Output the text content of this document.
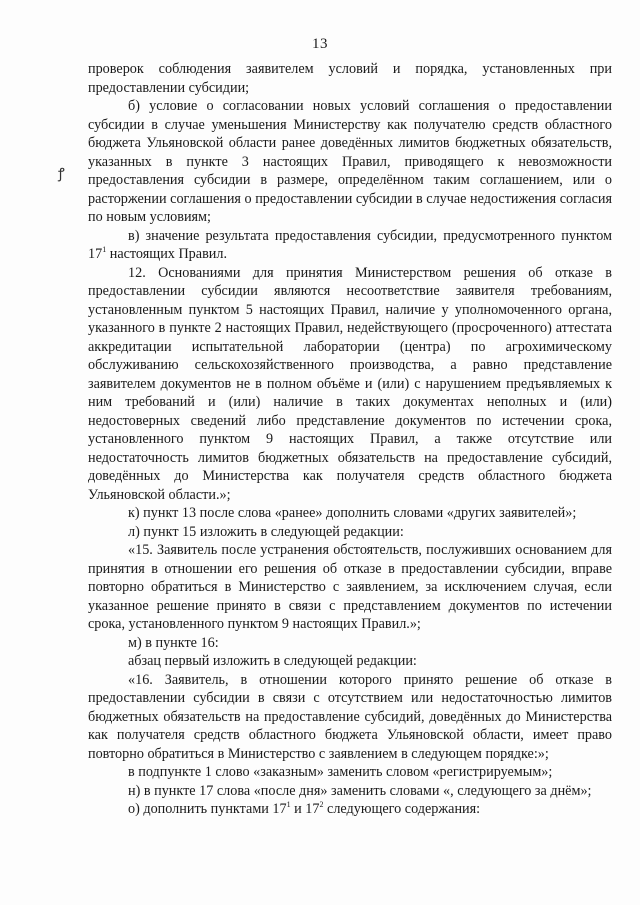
13
ꝭ

проверок соблюдения заявителем условий и порядка, установленных при предоставлении субсидии;

б) условие о согласовании новых условий соглашения о предоставлении субсидии в случае уменьшения Министерству как получателю средств областного бюджета Ульяновской области ранее доведённых лимитов бюджетных обязательств, указанных в пункте 3 настоящих Правил, приводящего к невозможности предоставления субсидии в размере, определённом таким соглашением, или о расторжении соглашения о предоставлении субсидии в случае недостижения согласия по новым условиям;

в) значение результата предоставления субсидии, предусмотренного пунктом $17^1$ настоящих Правил.

12. Основаниями для принятия Министерством решения об отказе в предоставлении субсидии являются несоответствие заявителя требованиям, установленным пунктом 5 настоящих Правил, наличие у уполномоченного органа, указанного в пункте 2 настоящих Правил, недействующего (просроченного) аттестата аккредитации испытательной лаборатории (центра) по агрохимическому обслуживанию сельскохозяйственного производства, а равно представление заявителем документов не в полном объёме и (или) с нарушением предъявляемых к ним требований и (или) наличие в таких документах неполных и (или) недостоверных сведений либо представление документов по истечении срока, установленного пунктом 9 настоящих Правил, а также отсутствие или недостаточность лимитов бюджетных обязательств на предоставление субсидий, доведённых до Министерства как получателя средств областного бюджета Ульяновской области.»;

к) пункт 13 после слова «ранее» дополнить словами «других заявителей»;

л) пункт 15 изложить в следующей редакции:

«15. Заявитель после устранения обстоятельств, послуживших основанием для принятия в отношении его решения об отказе в предоставлении субсидии, вправе повторно обратиться в Министерство с заявлением, за исключением случая, если указанное решение принято в связи с представлением документов по истечении срока, установленного пунктом 9 настоящих Правил.»;

м) в пункте 16:

абзац первый изложить в следующей редакции:

«16. Заявитель, в отношении которого принято решение об отказе в предоставлении субсидии в связи с отсутствием или недостаточностью лимитов бюджетных обязательств на предоставление субсидий, доведённых до Министерства как получателя средств областного бюджета Ульяновской области, имеет право повторно обратиться в Министерство с заявлением в следующем порядке:»;

в подпункте 1 слово «заказным» заменить словом «регистрируемым»;

н) в пункте 17 слова «после дня» заменить словами «, следующего за днём»;

о) дополнить пунктами $17^1$ и $17^2$ следующего содержания:
